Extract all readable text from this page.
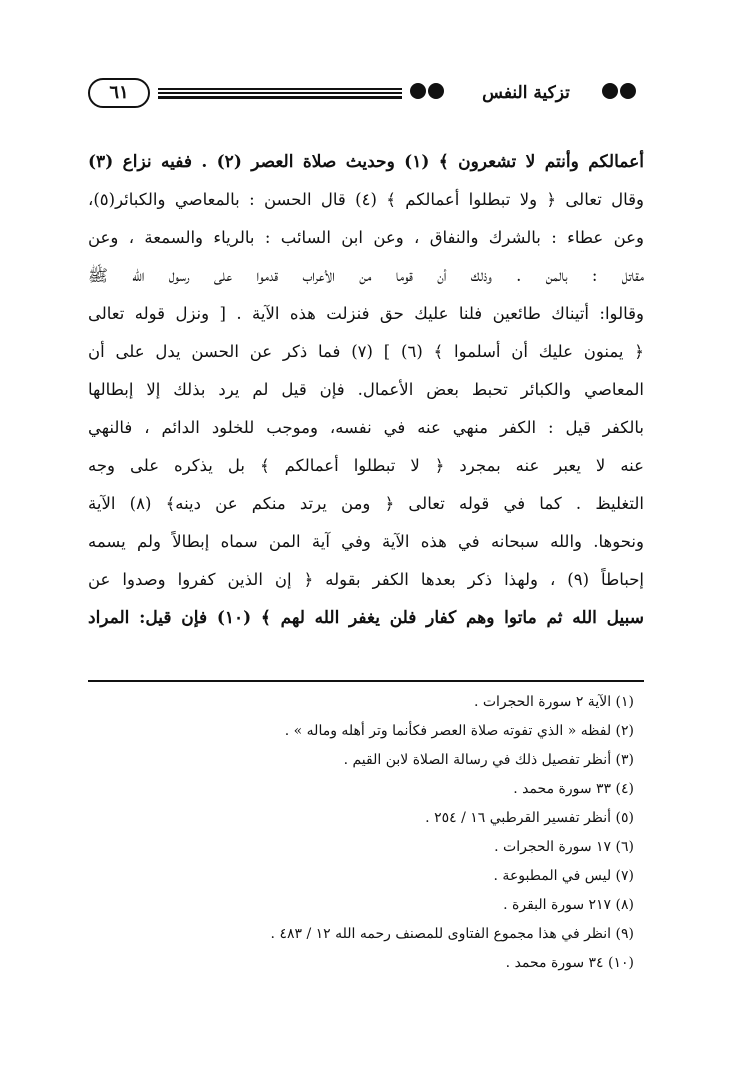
٦١	تزكية النفس
أعمالكم وأنتم لا تشعرون ﴾ (١) وحديث صلاة العصر (٢) . ففيه نزاع (٣)
وقال تعالى ﴿ ولا تبطلوا أعمالكم ﴾ (٤) قال الحسن : بالمعاصي والكبائر(٥)،
وعن عطاء : بالشرك والنفاق ، وعن ابن السائب : بالرياء والسمعة ، وعن
مقاتل : بالمن . وذلك أن قوما من الأعراب قدموا على رسول الله ﷺ
وقالوا: أتيناك طائعين فلنا عليك حق فنزلت هذه الآية . [ ونزل قوله تعالى
﴿ يمنون عليك أن أسلموا ﴾ (٦) ] (٧) فما ذكر عن الحسن يدل على أن
المعاصي والكبائر تحبط بعض الأعمال. فإن قيل لم يرد بذلك إلا إبطالها
بالكفر قيل : الكفر منهي عنه في نفسه، وموجب للخلود الدائم ، فالنهي
عنه لا يعبر عنه بمجرد ﴿ لا تبطلوا أعمالكم ﴾ بل يذكره على وجه
التغليظ . كما في قوله تعالى ﴿ ومن يرتد منكم عن دينه﴾ (٨) الآية
ونحوها. والله سبحانه في هذه الآية وفي آية المن سماه إبطالاً ولم يسمه
إحباطاً (٩) ، ولهذا ذكر بعدها الكفر بقوله ﴿ إن الذين كفروا وصدوا عن
سبيل الله ثم ماتوا وهم كفار فلن يغفر الله لهم ﴾ (١٠) فإن قيل: المراد
(١) الآية ٢ سورة الحجرات .
(٢) لفظه « الذي تفوته صلاة العصر فكأنما وتر أهله وماله » .
(٣) أنظر تفصيل ذلك في رسالة الصلاة لابن القيم .
(٤) ٣٣ سورة محمد .
(٥) أنظر تفسير القرطبي ١٦ / ٢٥٤ .
(٦) ١٧ سورة الحجرات .
(٧) ليس في المطبوعة .
(٨) ٢١٧ سورة البقرة .
(٩) انظر في هذا مجموع الفتاوى للمصنف رحمه الله ١٢ / ٤٨٣ .
(١٠) ٣٤ سورة محمد .
